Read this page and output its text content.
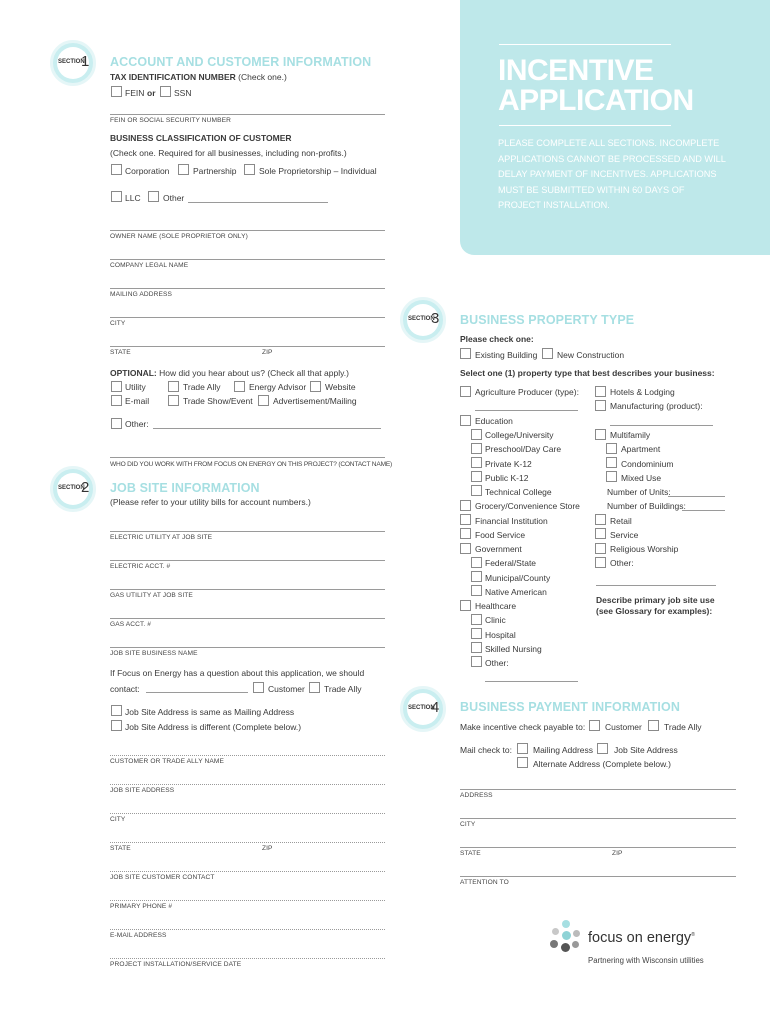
INCENTIVE
APPLICATION
PLEASE COMPLETE ALL SECTIONS. INCOMPLETE APPLICATIONS CANNOT BE PROCESSED AND WILL DELAY PAYMENT OF INCENTIVES. APPLICATIONS MUST BE SUBMITTED WITHIN 60 DAYS OF PROJECT INSTALLATION.
SECTION
1 ACCOUNT AND CUSTOMER INFORMATION
TAX IDENTIFICATION NUMBER (Check one.)
FEIN or SSN
FEIN OR SOCIAL SECURITY NUMBER
BUSINESS CLASSIFICATION OF CUSTOMER
(Check one. Required for all businesses, including non-profits.)
Corporation	Partnership	Sole Proprietorship – Individual
LLC	Other
OWNER NAME (SOLE PROPRIETOR ONLY)
COMPANY LEGAL NAME
MAILING ADDRESS
CITY
STATE	ZIP
OPTIONAL: How did you hear about us? (Check all that apply.)
Utility	Trade Ally	Energy Advisor Website
E-mail	Trade Show/Event Advertisement/Mailing
Other:
WHO DID YOU WORK WITH FROM FOCUS ON ENERGY ON THIS PROJECT? (CONTACT NAME)
SECTION
2 JOB SITE INFORMATION
(Please refer to your utility bills for account numbers.)
ELECTRIC UTILITY AT JOB SITE
ELECTRIC ACCT. #
GAS UTILITY AT JOB SITE
GAS ACCT. #
JOB SITE BUSINESS NAME
If Focus on Energy has a question about this application, we should
contact:	Customer Trade Ally
Job Site Address is same as Mailing Address
Job Site Address is different (Complete below.)
CUSTOMER OR TRADE ALLY NAME
JOB SITE ADDRESS
CITY
STATE	ZIP
JOB SITE CUSTOMER CONTACT
PRIMARY PHONE #
E-MAIL ADDRESS
PROJECT INSTALLATION/SERVICE DATE
SECTION
3 BUSINESS PROPERTY TYPE
Please check one:
Existing Building New Construction
Select one (1) property type that best describes your business:
Agriculture Producer (type):
Education
College/University
Preschool/Day Care
Private K-12
Public K-12
Technical College
Grocery/Convenience Store
Financial Institution
Food Service
Government
Federal/State
Municipal/County
Native American
Healthcare
Clinic
Hospital
Skilled Nursing
Other:
Hotels & Lodging
Manufacturing (product):
Multifamily
Apartment
Condominium
Mixed Use
Number of Units:
Number of Buildings:
Retail
Service
Religious Worship
Other:
Describe primary job site use
(see Glossary for examples):
SECTION
4 BUSINESS PAYMENT INFORMATION
Make incentive check payable to: Customer	Trade Ally
Mail check to: Mailing Address Job Site Address
Alternate Address (Complete below.)
ADDRESS
CITY
STATE	ZIP
ATTENTION TO
focus on energy®
Partnering with Wisconsin utilities
